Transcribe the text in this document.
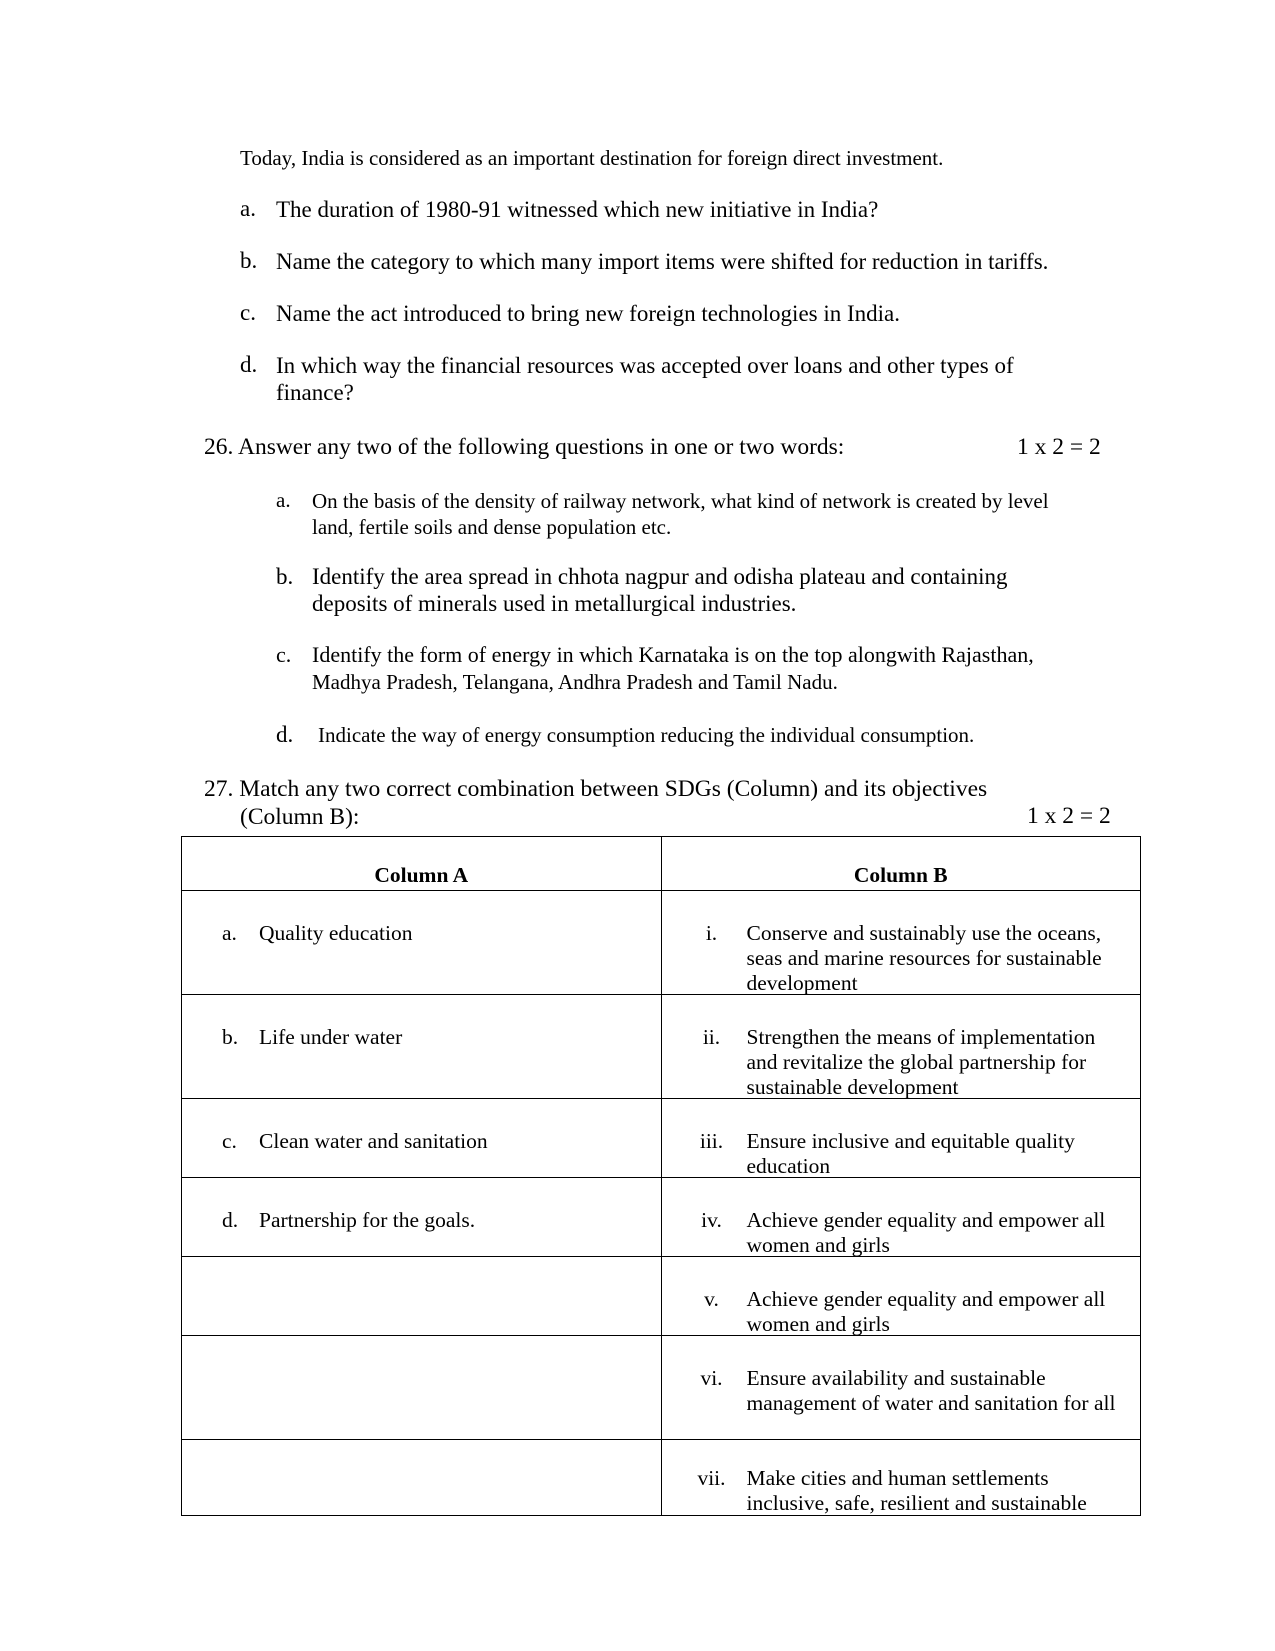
Today, India is considered as an important destination for foreign direct investment.
a. The duration of 1980-91 witnessed which new initiative in India?
b. Name the category to which many import items were shifted for reduction in tariffs.
c. Name the act introduced to bring new foreign technologies in India.
d. In which way the financial resources was accepted over loans and other types of
finance?
26. Answer any two of the following questions in one or two words:	1 x 2 = 2
a. On the basis of the density of railway network, what kind of network is created by level
land, fertile soils and dense population etc.
b. Identify the area spread in chhota nagpur and odisha plateau and containing
deposits of minerals used in metallurgical industries.
c. Identify the form of energy in which Karnataka is on the top alongwith Rajasthan,
Madhya Pradesh, Telangana, Andhra Pradesh and Tamil Nadu.
d. Indicate the way of energy consumption reducing the individual consumption.
27. Match any two correct combination between SDGs (Column) and its objectives
(Column B):	1 x 2 = 2
Column A	Column B

a. Quality education	i. Conserve and sustainably use the oceans, seas and marine resources for sustainable development

b. Life under water	ii. Strengthen the means of implementation and revitalize the global partnership for sustainable development

c. Clean water and sanitation	iii. Ensure inclusive and equitable quality education

d. Partnership for the goals.	iv. Achieve gender equality and empower all women and girls

	v. Achieve gender equality and empower all women and girls

	vi. Ensure availability and sustainable management of water and sanitation for all

	vii. Make cities and human settlements inclusive, safe, resilient and sustainable
